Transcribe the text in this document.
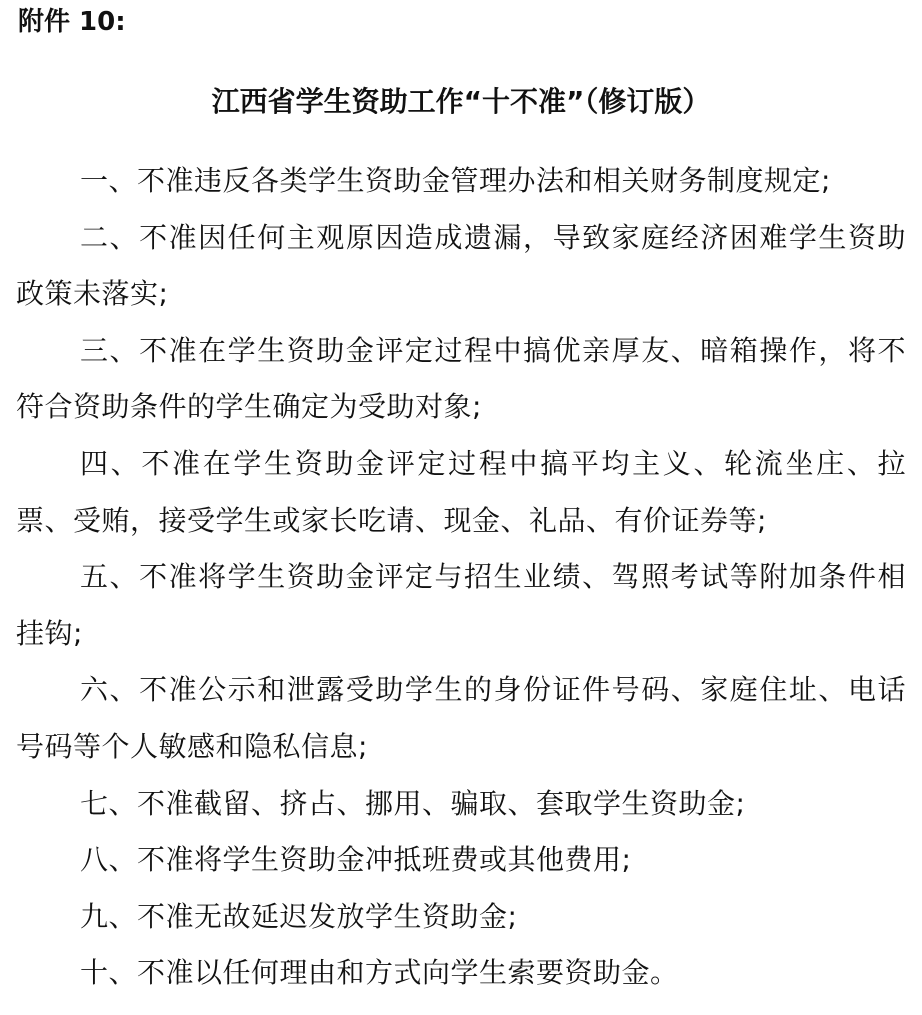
附件 10:
江西省学生资助工作“十不准”（修订版）
一、不准违反各类学生资助金管理办法和相关财务制度规定;
二、不准因任何主观原因造成遗漏，导致家庭经济困难学生资助政策未落实;
三、不准在学生资助金评定过程中搞优亲厚友、暗箱操作，将不符合资助条件的学生确定为受助对象;
四、不准在学生资助金评定过程中搞平均主义、轮流坐庄、拉票、受贿，接受学生或家长吃请、现金、礼品、有价证券等;
五、不准将学生资助金评定与招生业绩、驾照考试等附加条件相挂钩;
六、不准公示和泄露受助学生的身份证件号码、家庭住址、电话号码等个人敏感和隐私信息;
七、不准截留、挤占、挪用、骗取、套取学生资助金;
八、不准将学生资助金冲抵班费或其他费用;
九、不准无故延迟发放学生资助金;
十、不准以任何理由和方式向学生索要资助金。
